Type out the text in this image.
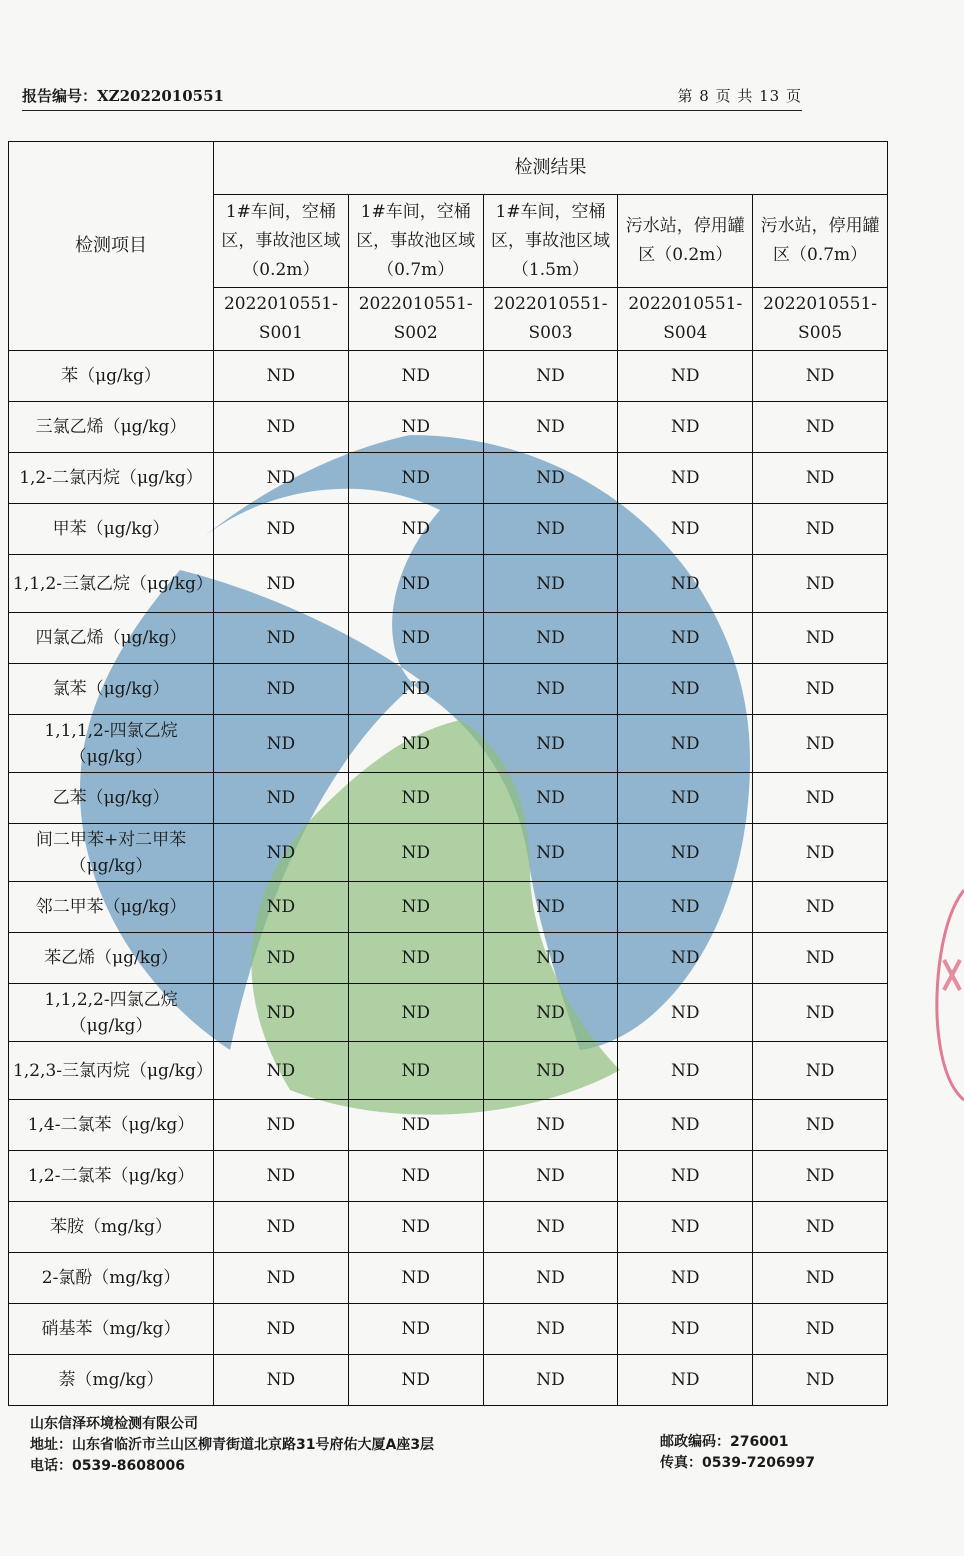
报告编号：XZ2022010551	第 8 页 共 13 页
检测项目	检测结果				
	1#车间，空桶区，事故池区域（0.2m）	1#车间，空桶区，事故池区域（0.7m）	1#车间，空桶区，事故池区域（1.5m）	污水站，停用罐区（0.2m）	污水站，停用罐区（0.7m）
	2022010551-S001	2022010551-S002	2022010551-S003	2022010551-S004	2022010551-S005
苯（μg/kg）	ND	ND	ND	ND	ND
三氯乙烯（μg/kg）	ND	ND	ND	ND	ND
1,2-二氯丙烷（μg/kg）	ND	ND	ND	ND	ND
甲苯（μg/kg）	ND	ND	ND	ND	ND
1,1,2-三氯乙烷（μg/kg）	ND	ND	ND	ND	ND
四氯乙烯（μg/kg）	ND	ND	ND	ND	ND
氯苯（μg/kg）	ND	ND	ND	ND	ND
1,1,1,2-四氯乙烷（μg/kg）	ND	ND	ND	ND	ND
乙苯（μg/kg）	ND	ND	ND	ND	ND
间二甲苯+对二甲苯（μg/kg）	ND	ND	ND	ND	ND
邻二甲苯（μg/kg）	ND	ND	ND	ND	ND
苯乙烯（μg/kg）	ND	ND	ND	ND	ND
1,1,2,2-四氯乙烷（μg/kg）	ND	ND	ND	ND	ND
1,2,3-三氯丙烷（μg/kg）	ND	ND	ND	ND	ND
1,4-二氯苯（μg/kg）	ND	ND	ND	ND	ND
1,2-二氯苯（μg/kg）	ND	ND	ND	ND	ND
苯胺（mg/kg）	ND	ND	ND	ND	ND
2-氯酚（mg/kg）	ND	ND	ND	ND	ND
硝基苯（mg/kg）	ND	ND	ND	ND	ND
萘（mg/kg）	ND	ND	ND	ND	ND
山东信泽环境检测有限公司
地址：山东省临沂市兰山区柳青街道北京路31号府佑大厦A座3层
电话：0539-8608006
邮政编码：276001
传真：0539-7206997
